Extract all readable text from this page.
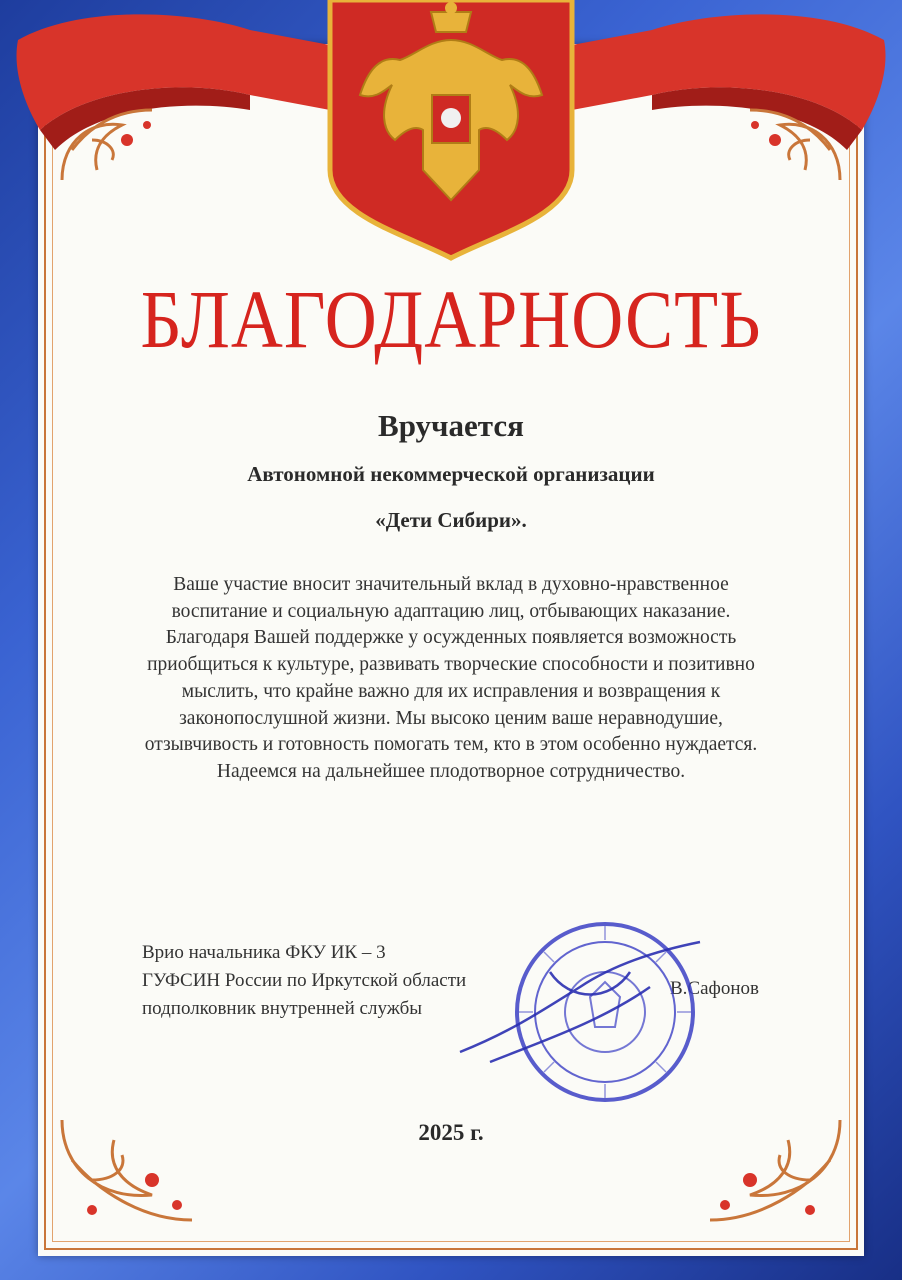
БЛАГОДАРНОСТЬ
Вручается
Автономной некоммерческой организации
«Дети Сибири».
Ваше участие вносит значительный вклад в духовно-нравственное
воспитание и социальную адаптацию лиц, отбывающих наказание.
Благодаря Вашей поддержке у осужденных появляется возможность
приобщиться к культуре, развивать творческие способности и позитивно
мыслить, что крайне важно для их исправления и возвращения к
законопослушной жизни. Мы высоко ценим ваше неравнодушие,
отзывчивость и готовность помогать тем, кто в этом особенно нуждается.
Надеемся на дальнейшее плодотворное сотрудничество.
Врио начальника ФКУ ИК – 3
ГУФСИН России по Иркутской области
подполковник внутренней службы
В.Сафонов
2025 г.
